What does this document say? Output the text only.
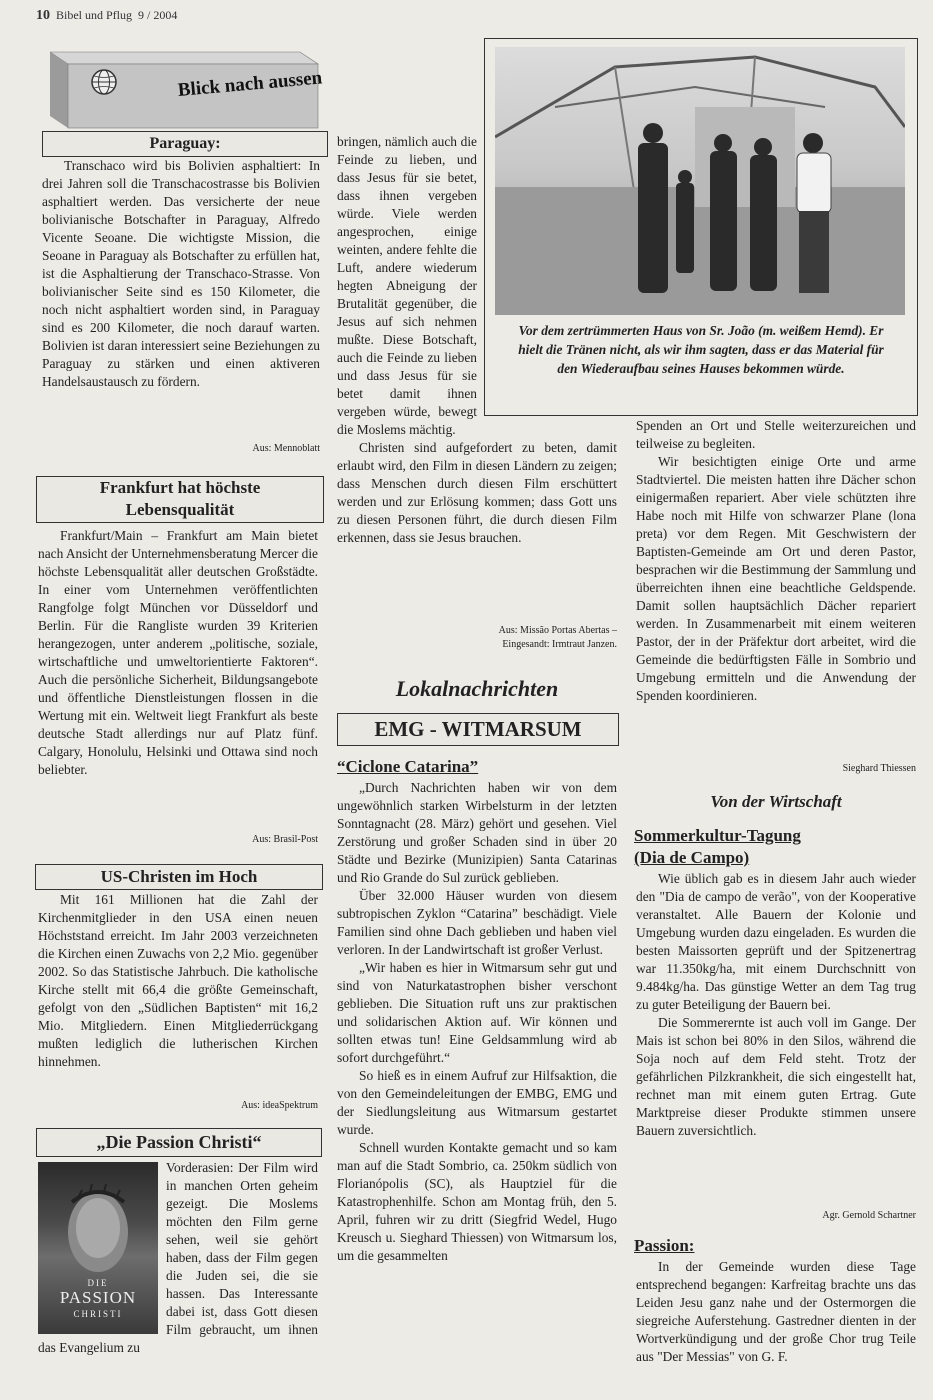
10 Bibel und Pflug 9 / 2004
Blick nach aussen
Paraguay:

Transchaco wird bis Bolivien asphaltiert: In drei Jahren soll die Transchacostrasse bis Bolivien asphaltiert werden. Das versicherte der neue bolivianische Botschafter in Paraguay, Alfredo Vicente Seoane. Die wichtigste Mission, die Seoane in Paraguay als Botschafter zu erfüllen hat, ist die Asphaltierung der Transchaco-Strasse. Von bolivianischer Seite sind es 150 Kilometer, die noch nicht asphaltiert worden sind, in Paraguay sind es 200 Kilometer, die noch darauf warten. Bolivien ist daran interessiert seine Beziehungen zu Paraguay zu stärken und einen aktiveren Handelsaustausch zu fördern.

Aus: Mennoblatt
Frankfurt hat höchste
Lebensqualität

Frankfurt/Main – Frankfurt am Main bietet nach Ansicht der Unternehmensberatung Mercer die höchste Lebensqualität aller deutschen Großstädte. In einer vom Unternehmen veröffentlichten Rangfolge folgt München vor Düsseldorf und Berlin. Für die Rangliste wurden 39 Kriterien herangezogen, unter anderem „politische, soziale, wirtschaftliche und umweltorientierte Faktoren“. Auch die persönliche Sicherheit, Bildungsangebote und öffentliche Dienstleistungen flossen in die Wertung mit ein. Weltweit liegt Frankfurt als beste deutsche Stadt allerdings nur auf Platz fünf. Calgary, Honolulu, Helsinki und Ottawa sind noch beliebter.

Aus: Brasil-Post
US-Christen im Hoch

Mit 161 Millionen hat die Zahl der Kirchenmitglieder in den USA einen neuen Höchststand erreicht. Im Jahr 2003 verzeichneten die Kirchen einen Zuwachs von 2,2 Mio. gegenüber 2002. So das Statistische Jahrbuch. Die katholische Kirche stellt mit 66,4 die größte Gemeinschaft, gefolgt von den „Südlichen Baptisten“ mit 16,2 Mio. Mitgliedern. Einen Mitgliederrückgang mußten lediglich die lutherischen Kirchen hinnehmen.

Aus: ideaSpektrum
„Die Passion Christi“
DIE
PASSION
CHRISTI

Vorderasien: Der Film wird in manchen Orten geheim gezeigt. Die Moslems möchten den Film gerne sehen, weil sie gehört haben, dass der Film gegen die Juden sei, die sie hassen. Das Interessante dabei ist, dass Gott diesen Film gebraucht, um ihnen das Evangelium zu

bringen, nämlich auch die Feinde zu lieben, und dass Jesus für sie betet, dass ihnen vergeben würde. Viele werden angesprochen, einige weinten, andere fehlte die Luft, andere wiederum hegten Abneigung der Brutalität gegenüber, die Jesus auf sich nehmen mußte. Diese Botschaft, auch die Feinde zu lieben und dass Jesus für sie betet damit ihnen vergeben würde, bewegt die Moslems mächtig.

Christen sind aufgefordert zu beten, damit erlaubt wird, den Film in diesen Ländern zu zeigen; dass Menschen durch diesen Film erschüttert werden und zur Erlösung kommen; dass Gott uns zu diesen Personen führt, die durch diesen Film erkennen, dass sie Jesus brauchen.

Aus: Missão Portas Abertas –
Eingesandt: Irmtraut Janzen.
Lokalnachrichten
EMG - WITMARSUM
“Ciclone Catarina”

„Durch Nachrichten haben wir von dem ungewöhnlich starken Wirbelsturm in der letzten Sonntagnacht (28. März) gehört und gesehen. Viel Zerstörung und großer Schaden sind in über 20 Städte und Bezirke (Munizipien) Santa Catarinas und Rio Grande do Sul zurück geblieben.

Über 32.000 Häuser wurden von diesem subtropischen Zyklon “Catarina” beschädigt. Viele Familien sind ohne Dach geblieben und haben viel verloren. In der Landwirtschaft ist großer Verlust.

„Wir haben es hier in Witmarsum sehr gut und sind von Naturkatastrophen bisher verschont geblieben. Die Situation ruft uns zur praktischen und solidarischen Aktion auf. Wir können und sollten etwas tun! Eine Geldsammlung wird ab sofort durchgeführt.“

So hieß es in einem Aufruf zur Hilfsaktion, die von den Gemeindeleitungen der EMBG, EMG und der Siedlungsleitung aus Witmarsum gestartet wurde.

Schnell wurden Kontakte gemacht und so kam man auf die Stadt Sombrio, ca. 250km südlich von Florianópolis (SC), als Hauptziel für die Katastrophenhilfe. Schon am Montag früh, den 5. April, fuhren wir zu dritt (Siegfrid Wedel, Hugo Kreusch u. Sieghard Thiessen) von Witmarsum los, um die gesammelten

Vor dem zertrümmerten Haus von Sr. João (m. weißem Hemd). Er hielt die Tränen nicht, als wir ihm sagten, dass er das Material für den Wiederaufbau seines Hauses bekommen würde.

Spenden an Ort und Stelle weiterzureichen und teilweise zu begleiten.

Wir besichtigten einige Orte und arme Stadtviertel. Die meisten hatten ihre Dächer schon einigermaßen repariert. Aber viele schützten ihre Habe noch mit Hilfe von schwarzer Plane (lona preta) vor dem Regen. Mit Geschwistern der Baptisten-Gemeinde am Ort und deren Pastor, besprachen wir die Bestimmung der Sammlung und überreichten ihnen eine beachtliche Geldspende. Damit sollen hauptsächlich Dächer repariert werden. In Zusammenarbeit mit einem weiteren Pastor, der in der Präfektur dort arbeitet, wird die Gemeinde die bedürftigsten Fälle in Sombrio und Umgebung ermitteln und die Anwendung der Spenden koordinieren.

Sieghard Thiessen
Von der Wirtschaft
Sommerkultur-Tagung
(Dia de Campo)

Wie üblich gab es in diesem Jahr auch wieder den "Dia de campo de verão", von der Kooperative veranstaltet. Alle Bauern der Kolonie und Umgebung wurden dazu eingeladen. Es wurden die besten Maissorten geprüft und der Spitzenertrag war 11.350kg/ha, mit einem Durchschnitt von 9.484kg/ha. Das günstige Wetter an dem Tag trug zu guter Beteiligung der Bauern bei.

Die Sommerernte ist auch voll im Gange. Der Mais ist schon bei 80% in den Silos, während die Soja noch auf dem Feld steht. Trotz der gefährlichen Pilzkrankheit, die sich eingestellt hat, rechnet man mit einem guten Ertrag. Gute Marktpreise dieser Produkte stimmen unsere Bauern zuversichtlich.

Agr. Gernold Schartner
Passion:

In der Gemeinde wurden diese Tage entsprechend begangen: Karfreitag brachte uns das Leiden Jesu ganz nahe und der Ostermorgen die siegreiche Auferstehung. Gastredner dienten in der Wortverkündigung und der große Chor trug Teile aus "Der Messias" von G. F.
